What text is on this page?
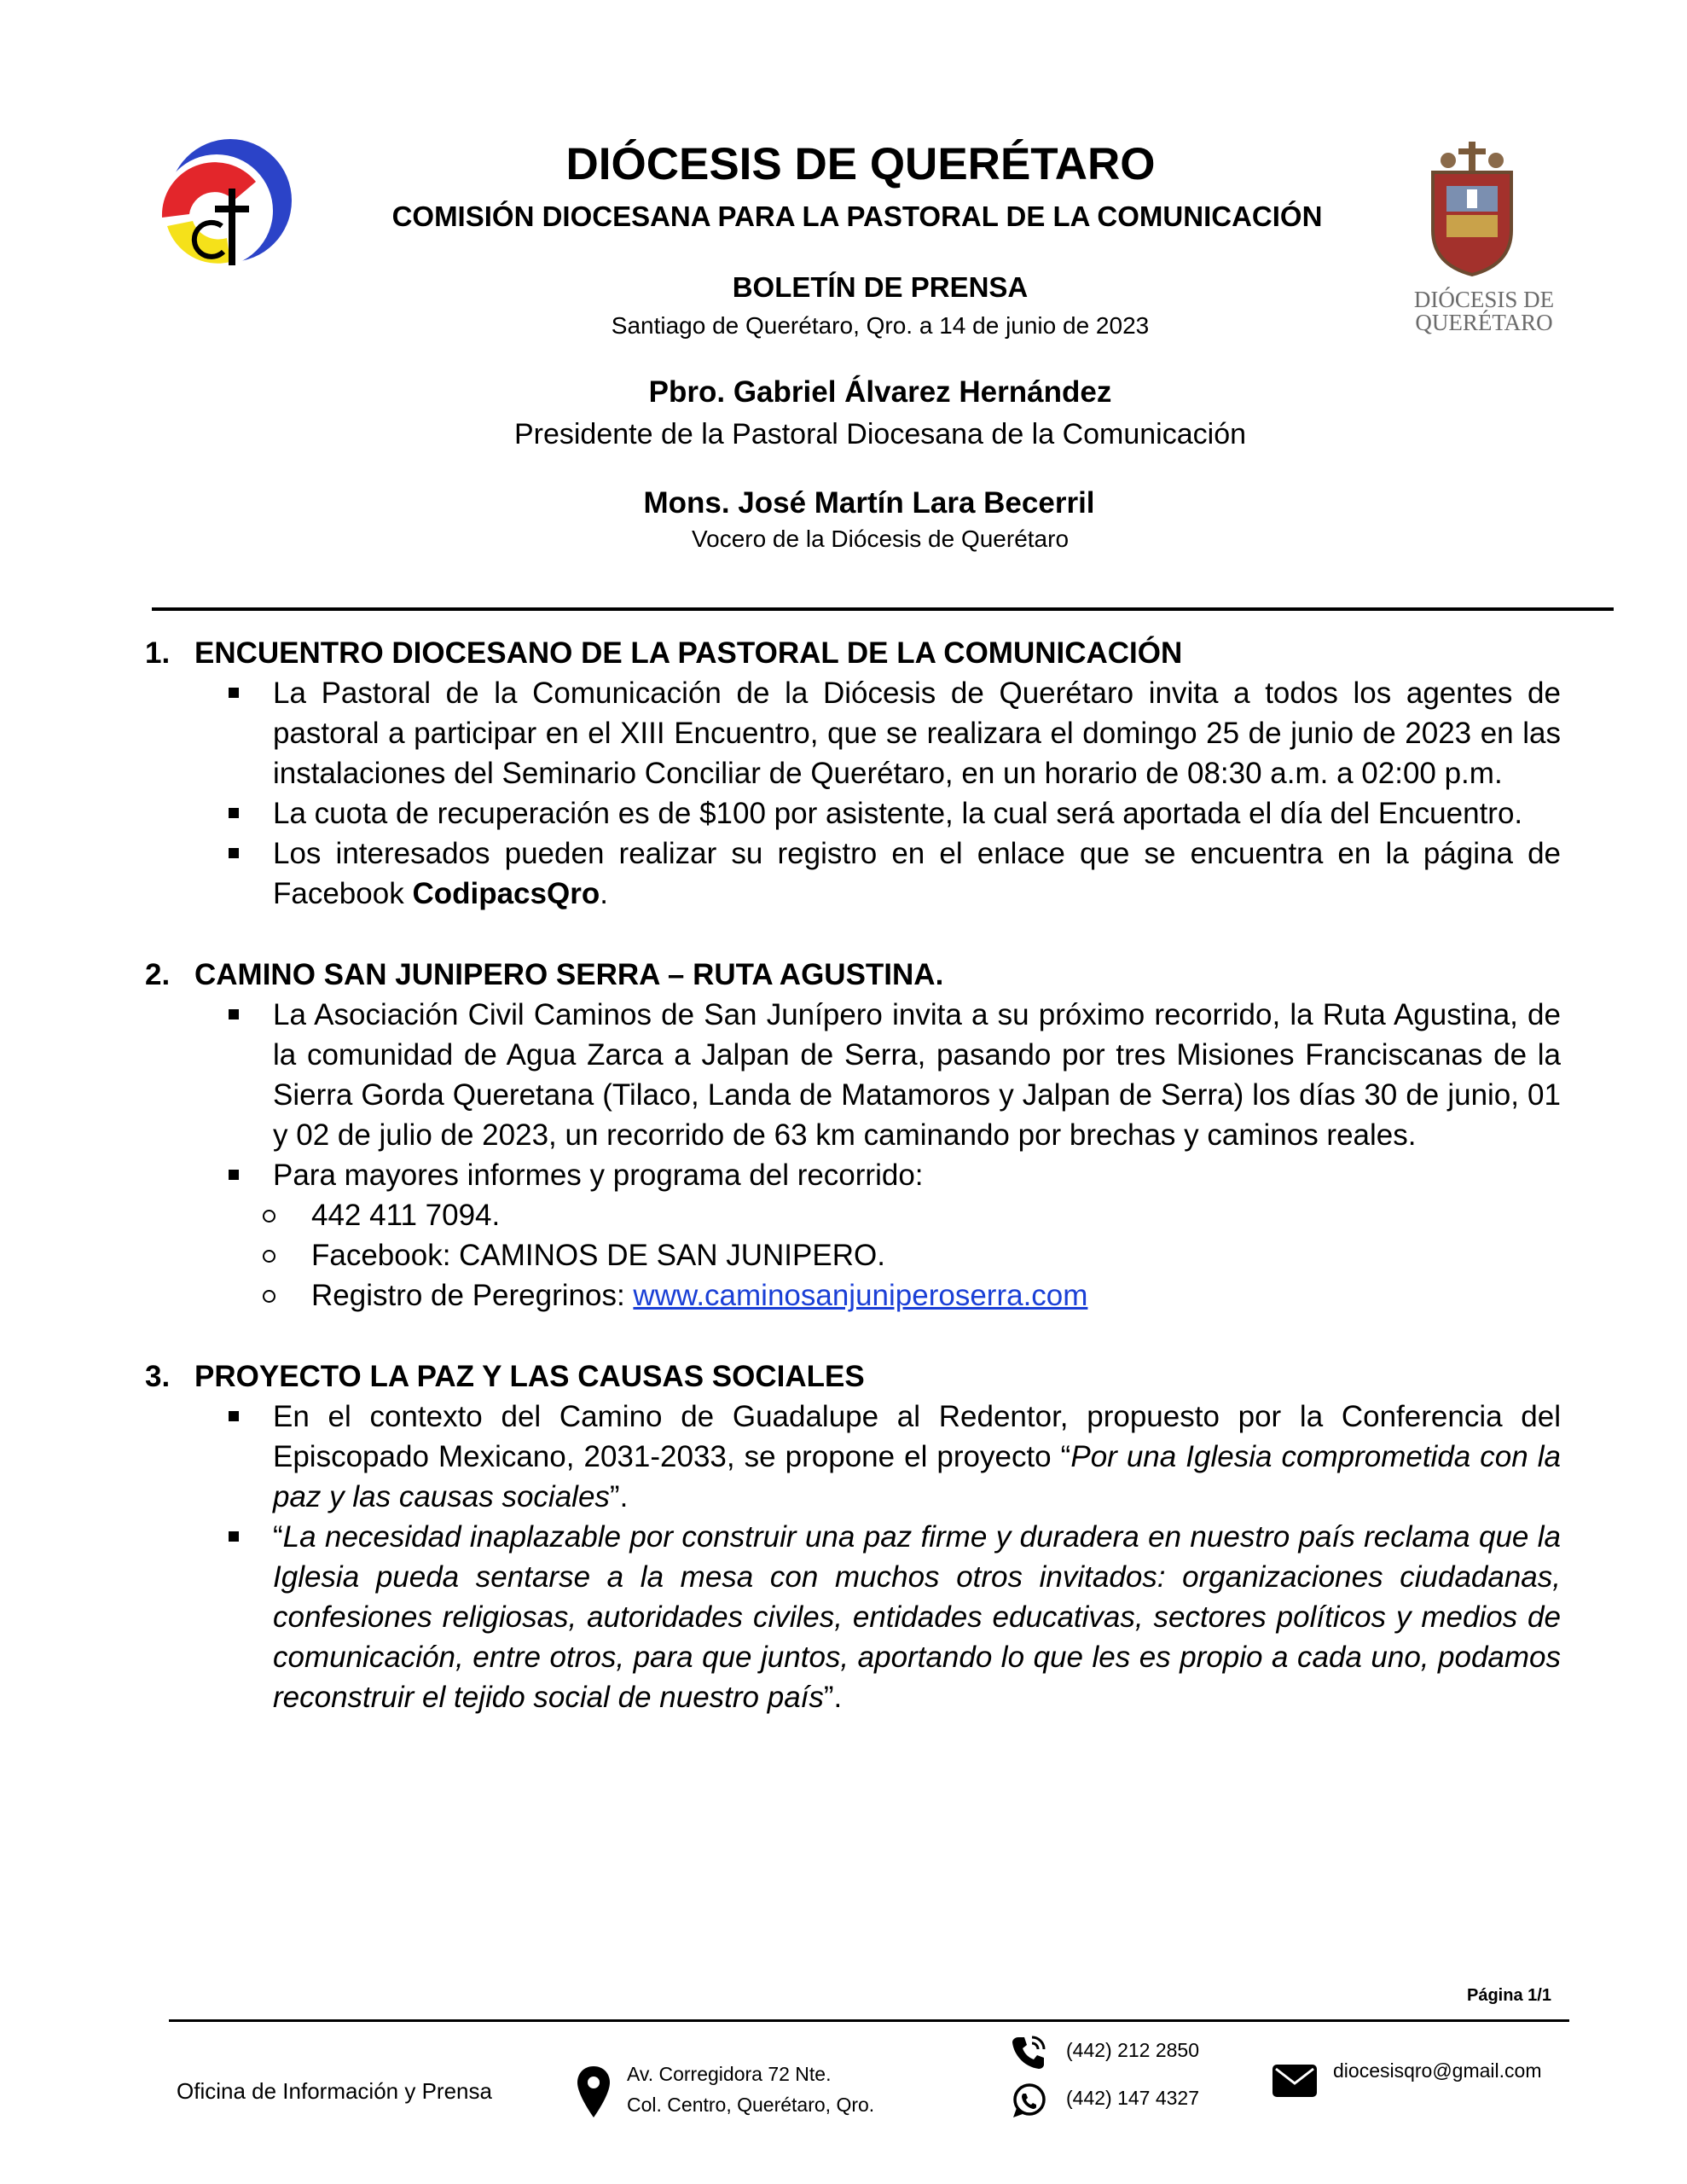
DIÓCESIS DE
QUERÉTARO
DIÓCESIS DE QUERÉTARO
COMISIÓN DIOCESANA PARA LA PASTORAL DE LA COMUNICACIÓN
BOLETÍN DE PRENSA
Santiago de Querétaro, Qro. a 14 de junio de 2023
Pbro. Gabriel Álvarez Hernández
Presidente de la Pastoral Diocesana de la Comunicación
Mons. José Martín Lara Becerril
Vocero de la Diócesis de Querétaro
1. ENCUENTRO DIOCESANO DE LA PASTORAL DE LA COMUNICACIÓN
La Pastoral de la Comunicación de la Diócesis de Querétaro invita a todos los agentes de pastoral a participar en el XIII Encuentro, que se realizara el domingo 25 de junio de 2023 en las instalaciones del Seminario Conciliar de Querétaro, en un horario de 08:30 a.m. a 02:00 p.m.
La cuota de recuperación es de $100 por asistente, la cual será aportada el día del Encuentro.
Los interesados pueden realizar su registro en el enlace que se encuentra en la página de Facebook CodipacsQro.
2. CAMINO SAN JUNIPERO SERRA – RUTA AGUSTINA.
La Asociación Civil Caminos de San Junípero invita a su próximo recorrido, la Ruta Agustina, de la comunidad de Agua Zarca a Jalpan de Serra, pasando por tres Misiones Franciscanas de la Sierra Gorda Queretana (Tilaco, Landa de Matamoros y Jalpan de Serra) los días 30 de junio, 01 y 02 de julio de 2023, un recorrido de 63 km caminando por brechas y caminos reales.
Para mayores informes y programa del recorrido:
442 411 7094.
Facebook: CAMINOS DE SAN JUNIPERO.
Registro de Peregrinos: www.caminosanjuniperoserra.com
3. PROYECTO LA PAZ Y LAS CAUSAS SOCIALES
En el contexto del Camino de Guadalupe al Redentor, propuesto por la Conferencia del Episcopado Mexicano, 2031-2033, se propone el proyecto “Por una Iglesia comprometida con la paz y las causas sociales”.
“La necesidad inaplazable por construir una paz firme y duradera en nuestro país reclama que la Iglesia pueda sentarse a la mesa con muchos otros invitados: organizaciones ciudadanas, confesiones religiosas, autoridades civiles, entidades educativas, sectores políticos y medios de comunicación, entre otros, para que juntos, aportando lo que les es propio a cada uno, podamos reconstruir el tejido social de nuestro país”.
Página 1/1
Oficina de Información y Prensa
Av. Corregidora 72 Nte.
Col. Centro, Querétaro, Qro.
(442) 212 2850
(442) 147 4327
diocesisqro@gmail.com
